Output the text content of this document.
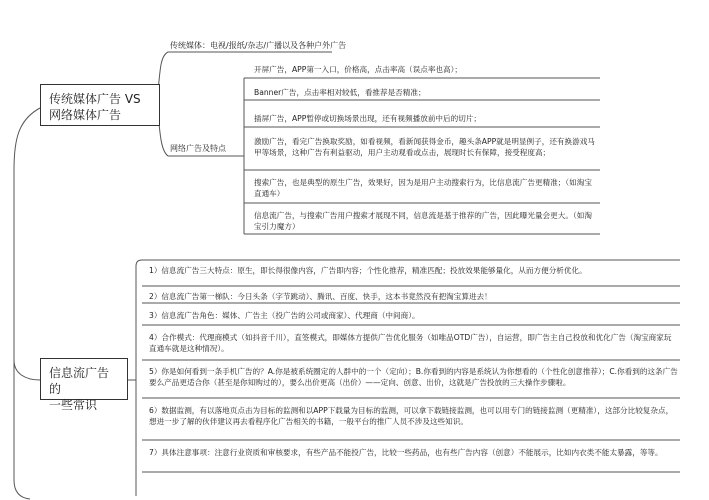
传统媒体广告 VS
网络媒体广告
传统媒体：电视/报纸/杂志/广播以及各种户外广告
网络广告及特点
开屏广告，APP第一入口，价格高，点击率高（误点率也高）；
Banner广告，点击率相对较低，看推荐是否精准；
插屏广告，APP暂停或切换场景出现，还有视频播放前中后的切片；
激励广告，看完广告换取奖励，如看视频，看新闻获得金币，趣头条APP就是明显例子，还有换游戏马甲等场景，这种广告有利益驱动，用户主动观看或点击，展现时长有保障，接受程度高；
搜索广告，也是典型的原生广告，效果好，因为是用户主动搜索行为，比信息流广告更精准；（如淘宝直通车）
信息流广告，与搜索广告用户搜索才展现不同，信息流是基于推荐的广告，因此曝光量会更大。（如淘宝引力魔方）
信息流广告的
一些常识
1）信息流广告三大特点：原生，即长得很像内容，广告即内容；个性化推荐，精准匹配；投放效果能够量化，从而方便分析优化。
2）信息流广告第一梯队：今日头条（字节跳动）、腾讯、百度、快手，这本书竟然没有把淘宝算进去！
3）信息流广告角色：媒体、广告主（投广告的公司或商家）、代理商（中间商）。
4）合作模式：代理商模式（如抖音千川），直签模式，即媒体方提供广告优化服务（如唯品OTD广告），自运营，即广告主自己投放和优化广告（淘宝商家玩直通车就是这种情况）。
5）你是如何看到一条手机广告的？A.你是被系统圈定的人群中的一个（定向）；B.你看到的内容是系统认为你想看的（个性化创意推荐）；C.你看到的这条广告要么产品更适合你（甚至是你知购过的），要么出价更高（出价）——定向、创意、出价，这就是广告投放的三大操作步骤啦。
6）数据监测，有以落地页点击为目标的监测和以APP下载量为目标的监测，可以拿下载链接监测，也可以用专门的链接监测（更精准），这部分比较复杂点，想进一步了解的伙伴建议再去看程序化广告相关的书籍，一般平台的推广人员不涉及这些知识。
7）具体注意事项：注意行业资质和审核要求，有些产品不能投广告，比较一些药品，也有些广告内容（创意）不能展示，比如内衣类不能太暴露，等等。
